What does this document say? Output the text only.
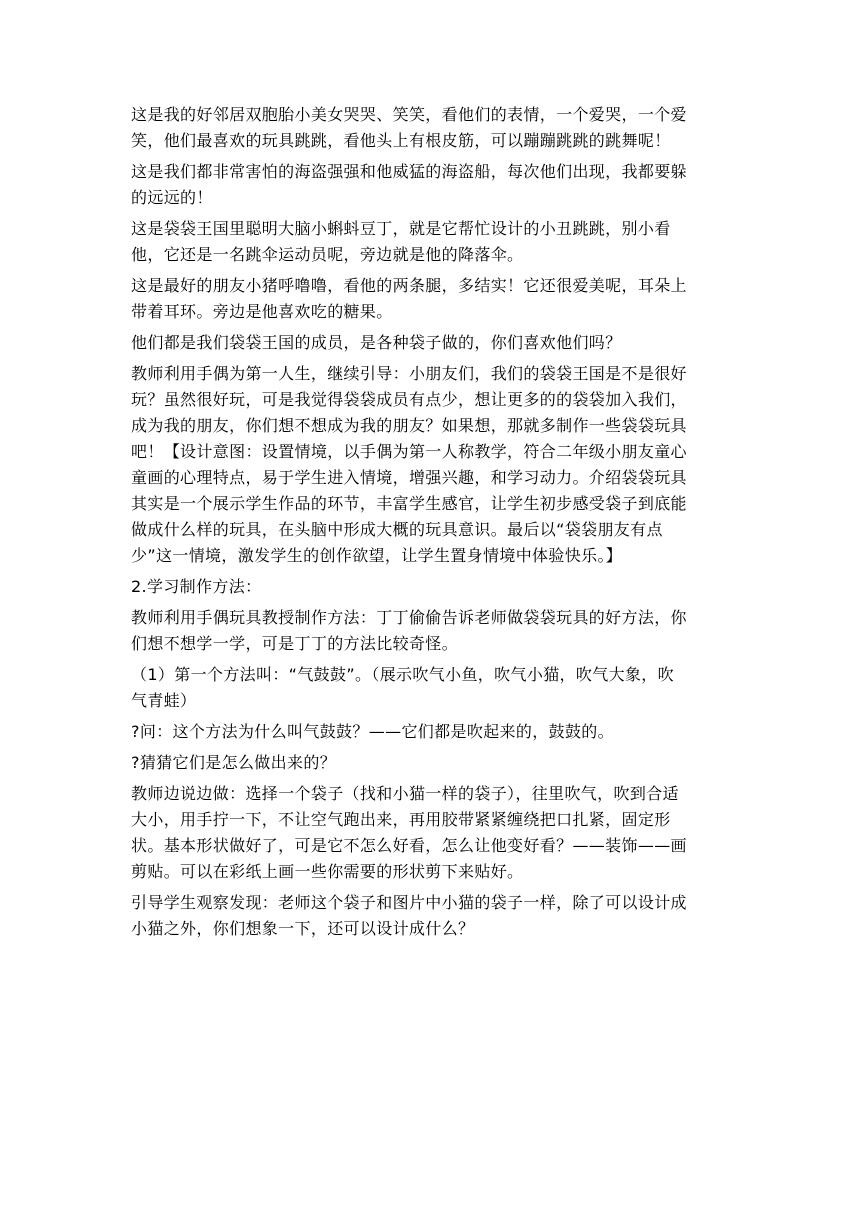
这是我的好邻居双胞胎小美女哭哭、笑笑，看他们的表情，一个爱哭，一个爱
笑，他们最喜欢的玩具跳跳，看他头上有根皮筋，可以蹦蹦跳跳的跳舞呢！
这是我们都非常害怕的海盗强强和他威猛的海盗船，每次他们出现，我都要躲
的远远的！
这是袋袋王国里聪明大脑小蝌蚪豆丁，就是它帮忙设计的小丑跳跳，别小看
他，它还是一名跳伞运动员呢，旁边就是他的降落伞。
这是最好的朋友小猪呼噜噜，看他的两条腿，多结实！它还很爱美呢，耳朵上
带着耳环。旁边是他喜欢吃的糖果。
他们都是我们袋袋王国的成员，是各种袋子做的，你们喜欢他们吗？
教师利用手偶为第一人生，继续引导：小朋友们，我们的袋袋王国是不是很好
玩？虽然很好玩，可是我觉得袋袋成员有点少，想让更多的的袋袋加入我们，
成为我的朋友，你们想不想成为我的朋友？如果想，那就多制作一些袋袋玩具
吧！【设计意图：设置情境，以手偶为第一人称教学，符合二年级小朋友童心
童画的心理特点，易于学生进入情境，增强兴趣，和学习动力。介绍袋袋玩具
其实是一个展示学生作品的环节，丰富学生感官，让学生初步感受袋子到底能
做成什么样的玩具，在头脑中形成大概的玩具意识。最后以“袋袋朋友有点
少”这一情境，激发学生的创作欲望，让学生置身情境中体验快乐。】
2.学习制作方法：
教师利用手偶玩具教授制作方法：丁丁偷偷告诉老师做袋袋玩具的好方法，你
们想不想学一学，可是丁丁的方法比较奇怪。
（1）第一个方法叫：“气鼓鼓”。（展示吹气小鱼，吹气小猫，吹气大象，吹
气青蛙）
?问：这个方法为什么叫气鼓鼓？——它们都是吹起来的，鼓鼓的。
?猜猜它们是怎么做出来的？
教师边说边做：选择一个袋子（找和小猫一样的袋子），往里吹气，吹到合适
大小，用手拧一下，不让空气跑出来，再用胶带紧紧缠绕把口扎紧，固定形
状。基本形状做好了，可是它不怎么好看，怎么让他变好看？——装饰——画
剪贴。可以在彩纸上画一些你需要的形状剪下来贴好。
引导学生观察发现：老师这个袋子和图片中小猫的袋子一样，除了可以设计成
小猫之外，你们想象一下，还可以设计成什么？
